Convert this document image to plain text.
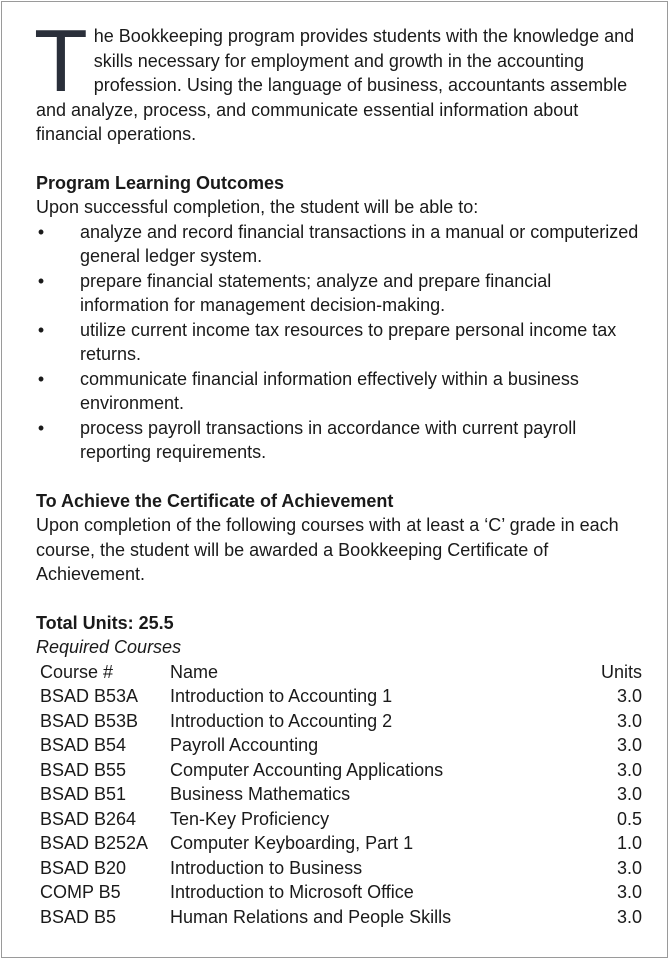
The Bookkeeping program provides students with the knowledge and skills necessary for employment and growth in the accounting profession. Using the language of business, accountants assemble and analyze, process, and communicate essential information about financial operations.

Program Learning Outcomes
Upon successful completion, the student will be able to:
• analyze and record financial transactions in a manual or computerized general ledger system.
• prepare financial statements; analyze and prepare financial information for management decision-making.
• utilize current income tax resources to prepare personal income tax returns.
• communicate financial information effectively within a business environment.
• process payroll transactions in accordance with current payroll reporting requirements.
To Achieve the Certificate of Achievement
Upon completion of the following courses with at least a ‘C’ grade in each course, the student will be awarded a Bookkeeping Certificate of Achievement.
Total Units: 25.5
Required Courses
Course #	Name	Units
BSAD B53A	Introduction to Accounting 1	3.0
BSAD B53B	Introduction to Accounting 2	3.0
BSAD B54	Payroll Accounting	3.0
BSAD B55	Computer Accounting Applications	3.0
BSAD B51	Business Mathematics	3.0
BSAD B264	Ten-Key Proficiency	0.5
BSAD B252A	Computer Keyboarding, Part 1	1.0
BSAD B20	Introduction to Business	3.0
COMP B5	Introduction to Microsoft Office	3.0
BSAD B5	Human Relations and People Skills	3.0
